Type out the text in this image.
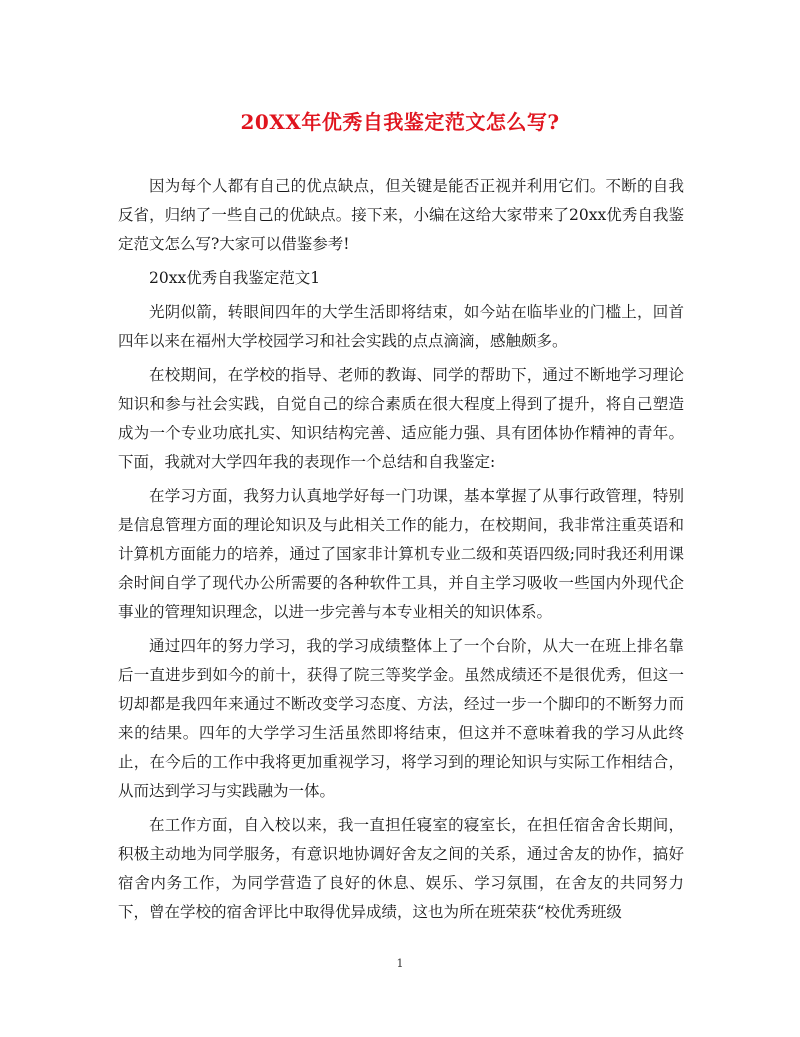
20XX年优秀自我鉴定范文怎么写?

因为每个人都有自己的优点缺点，但关键是能否正视并利用它们。不断的自我反省，归纳了一些自己的优缺点。接下来，小编在这给大家带来了20xx优秀自我鉴定范文怎么写?大家可以借鉴参考!

20xx优秀自我鉴定范文1

光阴似箭，转眼间四年的大学生活即将结束，如今站在临毕业的门槛上，回首四年以来在福州大学校园学习和社会实践的点点滴滴，感触颇多。

在校期间，在学校的指导、老师的教诲、同学的帮助下，通过不断地学习理论知识和参与社会实践，自觉自己的综合素质在很大程度上得到了提升，将自己塑造成为一个专业功底扎实、知识结构完善、适应能力强、具有团体协作精神的青年。下面，我就对大学四年我的表现作一个总结和自我鉴定:

在学习方面，我努力认真地学好每一门功课，基本掌握了从事行政管理，特别是信息管理方面的理论知识及与此相关工作的能力，在校期间，我非常注重英语和计算机方面能力的培养，通过了国家非计算机专业二级和英语四级;同时我还利用课余时间自学了现代办公所需要的各种软件工具，并自主学习吸收一些国内外现代企事业的管理知识理念，以进一步完善与本专业相关的知识体系。

通过四年的努力学习，我的学习成绩整体上了一个台阶，从大一在班上排名靠后一直进步到如今的前十，获得了院三等奖学金。虽然成绩还不是很优秀，但这一切却都是我四年来通过不断改变学习态度、方法，经过一步一个脚印的不断努力而来的结果。四年的大学学习生活虽然即将结束，但这并不意味着我的学习从此终止，在今后的工作中我将更加重视学习，将学习到的理论知识与实际工作相结合，从而达到学习与实践融为一体。

在工作方面，自入校以来，我一直担任寝室的寝室长，在担任宿舍舍长期间，积极主动地为同学服务，有意识地协调好舍友之间的关系，通过舍友的协作，搞好宿舍内务工作，为同学营造了良好的休息、娱乐、学习氛围，在舍友的共同努力下，曾在学校的宿舍评比中取得优异成绩，这也为所在班荣获“校优秀班级

1
